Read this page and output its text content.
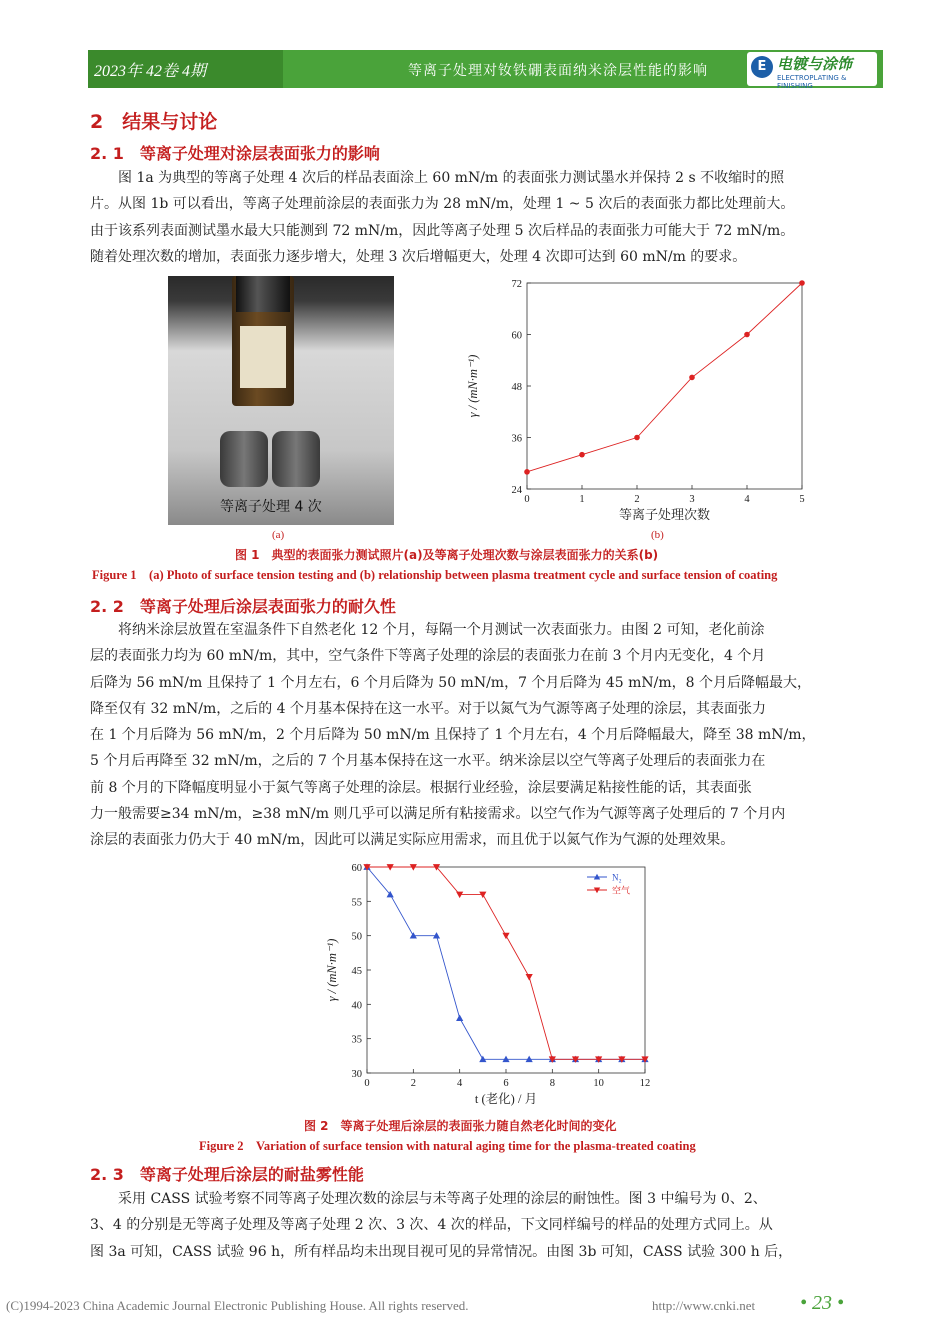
2023年 42卷 4期	等离子处理对钕铁硼表面纳米涂层性能的影响	E 电镀与涂饰
ELECTROPLATING & FINISHING
2　结果与讨论
2. 1　等离子处理对涂层表面张力的影响
图 1a 为典型的等离子处理 4 次后的样品表面涂上 60 mN/m 的表面张力测试墨水并保持 2 s 不收缩时的照
片。从图 1b 可以看出，等离子处理前涂层的表面张力为 28 mN/m，处理 1 ~ 5 次后的表面张力都比处理前大。
由于该系列表面测试墨水最大只能测到 72 mN/m，因此等离子处理 5 次后样品的表面张力可能大于 72 mN/m。
随着处理次数的增加，表面张力逐步增大，处理 3 次后增幅更大，处理 4 次即可达到 60 mN/m 的要求。
等离子处理 4 次
(a)
0	1	2	3	4	5
24
36
48
60
72
等离子处理次数
γ / (mN·m⁻¹)
(b)
图 1　典型的表面张力测试照片(a)及等离子处理次数与涂层表面张力的关系(b)
Figure 1　(a) Photo of surface tension testing and (b) relationship between plasma treatment cycle and surface tension of coating
2. 2　等离子处理后涂层表面张力的耐久性
将纳米涂层放置在室温条件下自然老化 12 个月，每隔一个月测试一次表面张力。由图 2 可知，老化前涂
层的表面张力均为 60 mN/m，其中，空气条件下等离子处理的涂层的表面张力在前 3 个月内无变化，4 个月
后降为 56 mN/m 且保持了 1 个月左右，6 个月后降为 50 mN/m，7 个月后降为 45 mN/m，8 个月后降幅最大，
降至仅有 32 mN/m，之后的 4 个月基本保持在这一水平。对于以氮气为气源等离子处理的涂层，其表面张力
在 1 个月后降为 56 mN/m，2 个月后降为 50 mN/m 且保持了 1 个月左右，4 个月后降幅最大，降至 38 mN/m，
5 个月后再降至 32 mN/m，之后的 7 个月基本保持在这一水平。纳米涂层以空气等离子处理后的表面张力在
前 8 个月的下降幅度明显小于氮气等离子处理的涂层。根据行业经验，涂层要满足粘接性能的话，其表面张
力一般需要≥34 mN/m，≥38 mN/m 则几乎可以满足所有粘接需求。以空气作为气源等离子处理后的 7 个月内
涂层的表面张力仍大于 40 mN/m，因此可以满足实际应用需求，而且优于以氮气作为气源的处理效果。
0	2	4	6	8	10	12
30
35
40
45
50
55
60
t (老化) / 月
γ / (mN·m⁻¹)
N₂
空气
图 2　等离子处理后涂层的表面张力随自然老化时间的变化
Figure 2　Variation of surface tension with natural aging time for the plasma-treated coating
2. 3　等离子处理后涂层的耐盐雾性能
采用 CASS 试验考察不同等离子处理次数的涂层与未等离子处理的涂层的耐蚀性。图 3 中编号为 0、2、
3、4 的分别是无等离子处理及等离子处理 2 次、3 次、4 次的样品，下文同样编号的样品的处理方式同上。从
图 3a 可知，CASS 试验 96 h，所有样品均未出现目视可见的异常情况。由图 3b 可知，CASS 试验 300 h 后，
(C)1994-2023 China Academic Journal Electronic Publishing House. All rights reserved.	http://www.cnki.net • 23 •
